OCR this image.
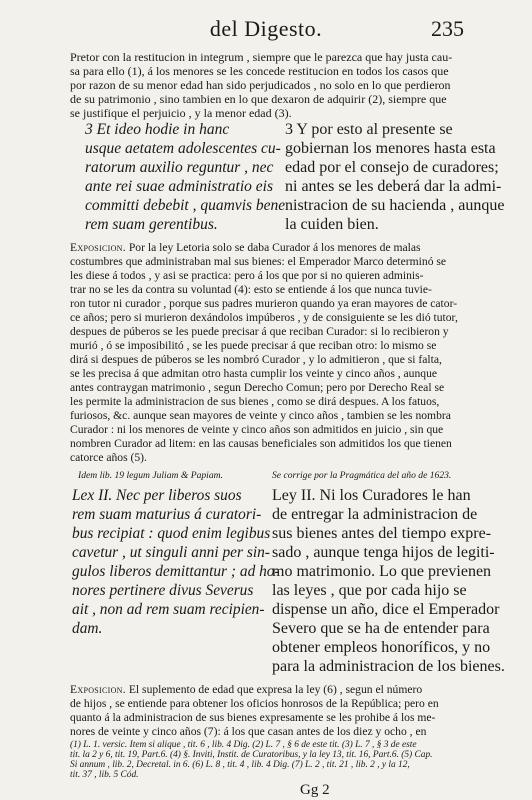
del Digesto.	235
Pretor con la restitucion in integrum , siempre que le parezca que hay justa cau-
sa para ello (1), á los menores se les concede restitucion en todos los casos que
por razon de su menor edad han sido perjudicados , no solo en lo que perdieron
de su patrimonio , sino tambien en lo que dexaron de adquirir (2), siempre que
se justifique el perjuicio , y la menor edad (3).
3 Et ideo hodie in hanc
usque aetatem adolescentes cu-
ratorum auxilio reguntur , nec
ante rei suae administratio eis
committi debebit , quamvis bene
rem suam gerentibus.
3 Y por esto al presente se
gobiernan los menores hasta esta
edad por el consejo de curadores;
ni antes se les deberá dar la admi-
nistracion de su hacienda , aunque
la cuiden bien.
Exposicion. Por la ley Letoria solo se daba Curador á los menores de malas
costumbres que administraban mal sus bienes: el Emperador Marco determinó se
les diese á todos , y asi se practica: pero á los que por si no quieren adminis-
trar no se les da contra su voluntad (4): esto se entiende á los que nunca tuvie-
ron tutor ni curador , porque sus padres murieron quando ya eran mayores de cator-
ce años; pero si murieron dexándolos impúberos , y de consiguiente se les dió tutor,
despues de púberos se les puede precisar á que reciban Curador: si lo recibieron y
murió , ó se imposibilitó , se les puede precisar á que reciban otro: lo mismo se
dirá si despues de púberos se les nombró Curador , y lo admitieron , que si falta,
se les precisa á que admitan otro hasta cumplir los veinte y cinco años , aunque
antes contraygan matrimonio , segun Derecho Comun; pero por Derecho Real se
les permite la administracion de sus bienes , como se dirá despues. A los fatuos,
furiosos, &c. aunque sean mayores de veinte y cinco años , tambien se les nombra
Curador : ni los menores de veinte y cinco años son admitidos en juicio , sin que
nombren Curador ad litem: en las causas beneficiales son admitidos los que tienen
catorce años (5).
Idem lib. 19 legum Juliam & Papiam.	Se corrige por la Pragmática del año de 1623.
Lex II. Nec per liberos suos
rem suam maturius á curatori-
bus recipiat : quod enim legibus
cavetur , ut singuli anni per sin-
gulos liberos demittantur ; ad ho-
nores pertinere divus Severus
ait , non ad rem suam recipien-
dam.
Ley II. Ni los Curadores le han
de entregar la administracion de
sus bienes antes del tiempo expre-
sado , aunque tenga hijos de legiti-
mo matrimonio. Lo que previenen
las leyes , que por cada hijo se
dispense un año, dice el Emperador
Severo que se ha de entender para
obtener empleos honoríficos, y no
para la administracion de los bienes.
Exposicion. El suplemento de edad que expresa la ley (6) , segun el número
de hijos , se entiende para obtener los oficios honrosos de la República; pero en
quanto á la administracion de sus bienes expresamente se les prohibe á los me-
nores de veinte y cinco años (7): á los que casan antes de los diez y ocho , en
(1) L. 1. versic. Item si alique , tit. 6 , lib. 4 Dig. (2) L. 7 , § 6 de este tit. (3) L. 7 , § 3 de este
tit. la 2 y 6, tit. 19, Part.6. (4) §. Inviti, Instit. de Curatoribus, y la ley 13, tit. 16, Part.6. (5) Cap.
Si annum , lib. 2, Decretal. in 6. (6) L. 8 , tit. 4 , lib. 4 Dig. (7) L. 2 , tit. 21 , lib. 2 , y la 12,
tit. 37 , lib. 5 Cód.
Gg 2
